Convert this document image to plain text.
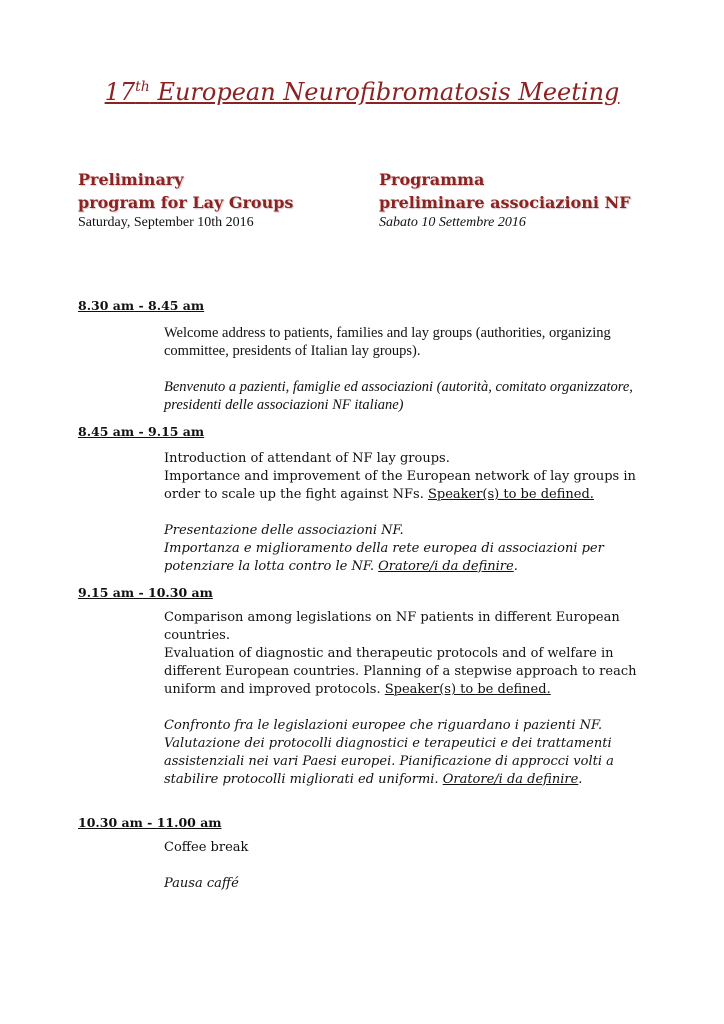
17th European Neurofibromatosis Meeting
Preliminary
program for Lay Groups
Saturday, September 10th 2016
Programma
preliminare associazioni NF
Sabato 10 Settembre 2016
8.30 am - 8.45 am
Welcome address to patients, families and lay groups (authorities, organizing committee, presidents of Italian lay groups).
Benvenuto a pazienti, famiglie ed associazioni (autorità, comitato organizzatore, presidenti delle associazioni NF italiane)
8.45 am - 9.15 am
Introduction of attendant of NF lay groups.
Importance and improvement of the European network of lay groups in order to scale up the fight against NFs. Speaker(s) to be defined.
Presentazione delle associazioni NF.
Importanza e miglioramento della rete europea di associazioni per potenziare la lotta contro le NF. Oratore/i da definire.
9.15 am - 10.30 am
Comparison among legislations on NF patients in different European countries.
Evaluation of diagnostic and therapeutic protocols and of welfare in different European countries. Planning of a stepwise approach to reach uniform and improved protocols. Speaker(s) to be defined.
Confronto fra le legislazioni europee che riguardano i pazienti NF.
Valutazione dei protocolli diagnostici e terapeutici e dei trattamenti assistenziali nei vari Paesi europei. Pianificazione di approcci volti a stabilire protocolli migliorati ed uniformi. Oratore/i da definire.
10.30 am - 11.00 am
Coffee break
Pausa caffé
